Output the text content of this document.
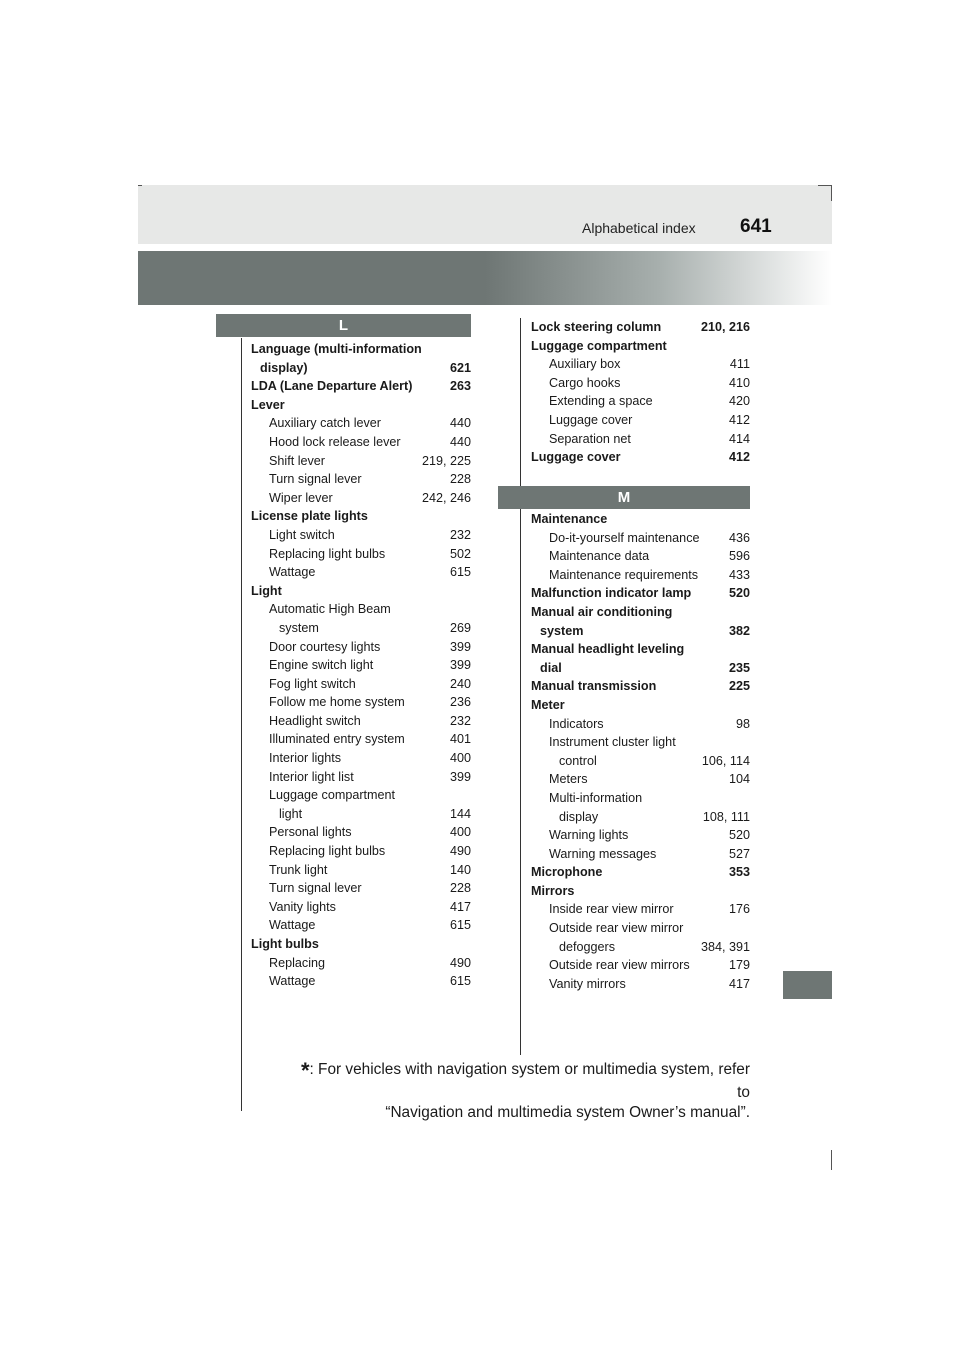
Alphabetical index 641
L
M
Language (multi-information
display)	621
LDA (Lane Departure Alert)	263
Lever
Auxiliary catch lever	440
Hood lock release lever	440
Shift lever	219, 225
Turn signal lever	228
Wiper lever	242, 246
License plate lights
Light switch	232
Replacing light bulbs	502
Wattage	615
Light
Automatic High Beam
system	269
Door courtesy lights	399
Engine switch light	399
Fog light switch	240
Follow me home system	236
Headlight switch	232
Illuminated entry system	401
Interior lights	400
Interior light list	399
Luggage compartment
light	144
Personal lights	400
Replacing light bulbs	490
Trunk light	140
Turn signal lever	228
Vanity lights	417
Wattage	615
Light bulbs
Replacing	490
Wattage	615
Lock steering column	210, 216
Luggage compartment
Auxiliary box	411
Cargo hooks	410
Extending a space	420
Luggage cover	412
Separation net	414
Luggage cover	412
Maintenance
Do-it-yourself maintenance 436
Maintenance data	596
Maintenance requirements 433
Malfunction indicator lamp	520
Manual air conditioning
system	382
Manual headlight leveling
dial	235
Manual transmission	225
Meter
Indicators	98
Instrument cluster light
control	106, 114
Meters	104
Multi-information
display	108, 111
Warning lights	520
Warning messages	527
Microphone	353
Mirrors
Inside rear view mirror	176
Outside rear view mirror
defoggers	384, 391
Outside rear view mirrors	179
Vanity mirrors	417
*: For vehicles with navigation system or multimedia system, refer to
“Navigation and multimedia system Owner’s manual”.
